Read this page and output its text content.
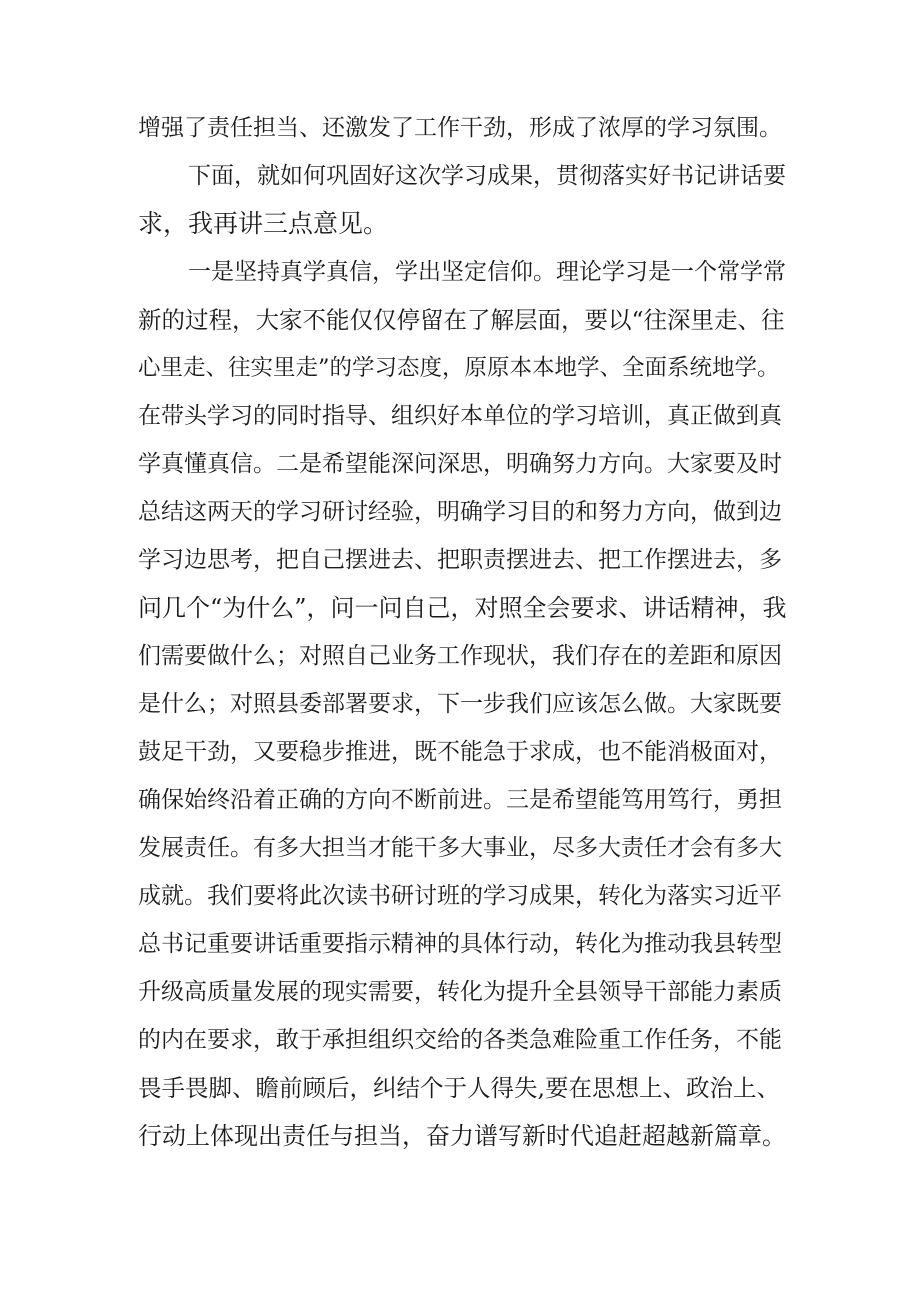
增强了责任担当、还激发了工作干劲，形成了浓厚的学习氛围。

下面，就如何巩固好这次学习成果，贯彻落实好书记讲话要

求，我再讲三点意见。

一是坚持真学真信，学出坚定信仰。理论学习是一个常学常

新的过程，大家不能仅仅停留在了解层面，要以“往深里走、往

心里走、往实里走”的学习态度，原原本本地学、全面系统地学。

在带头学习的同时指导、组织好本单位的学习培训，真正做到真

学真懂真信。二是希望能深问深思，明确努力方向。大家要及时

总结这两天的学习研讨经验，明确学习目的和努力方向，做到边

学习边思考，把自己摆进去、把职责摆进去、把工作摆进去，多

问几个“为什么”，问一问自己，对照全会要求、讲话精神，我

们需要做什么；对照自己业务工作现状，我们存在的差距和原因

是什么；对照县委部署要求，下一步我们应该怎么做。大家既要

鼓足干劲，又要稳步推进，既不能急于求成，也不能消极面对，

确保始终沿着正确的方向不断前进。三是希望能笃用笃行，勇担

发展责任。有多大担当才能干多大事业，尽多大责任才会有多大

成就。我们要将此次读书研讨班的学习成果，转化为落实习近平

总书记重要讲话重要指示精神的具体行动，转化为推动我县转型

升级高质量发展的现实需要，转化为提升全县领导干部能力素质

的内在要求，敢于承担组织交给的各类急难险重工作任务，不能

畏手畏脚、瞻前顾后，纠结个于人得失,要在思想上、政治上、

行动上体现出责任与担当，奋力谱写新时代追赶超越新篇章。
